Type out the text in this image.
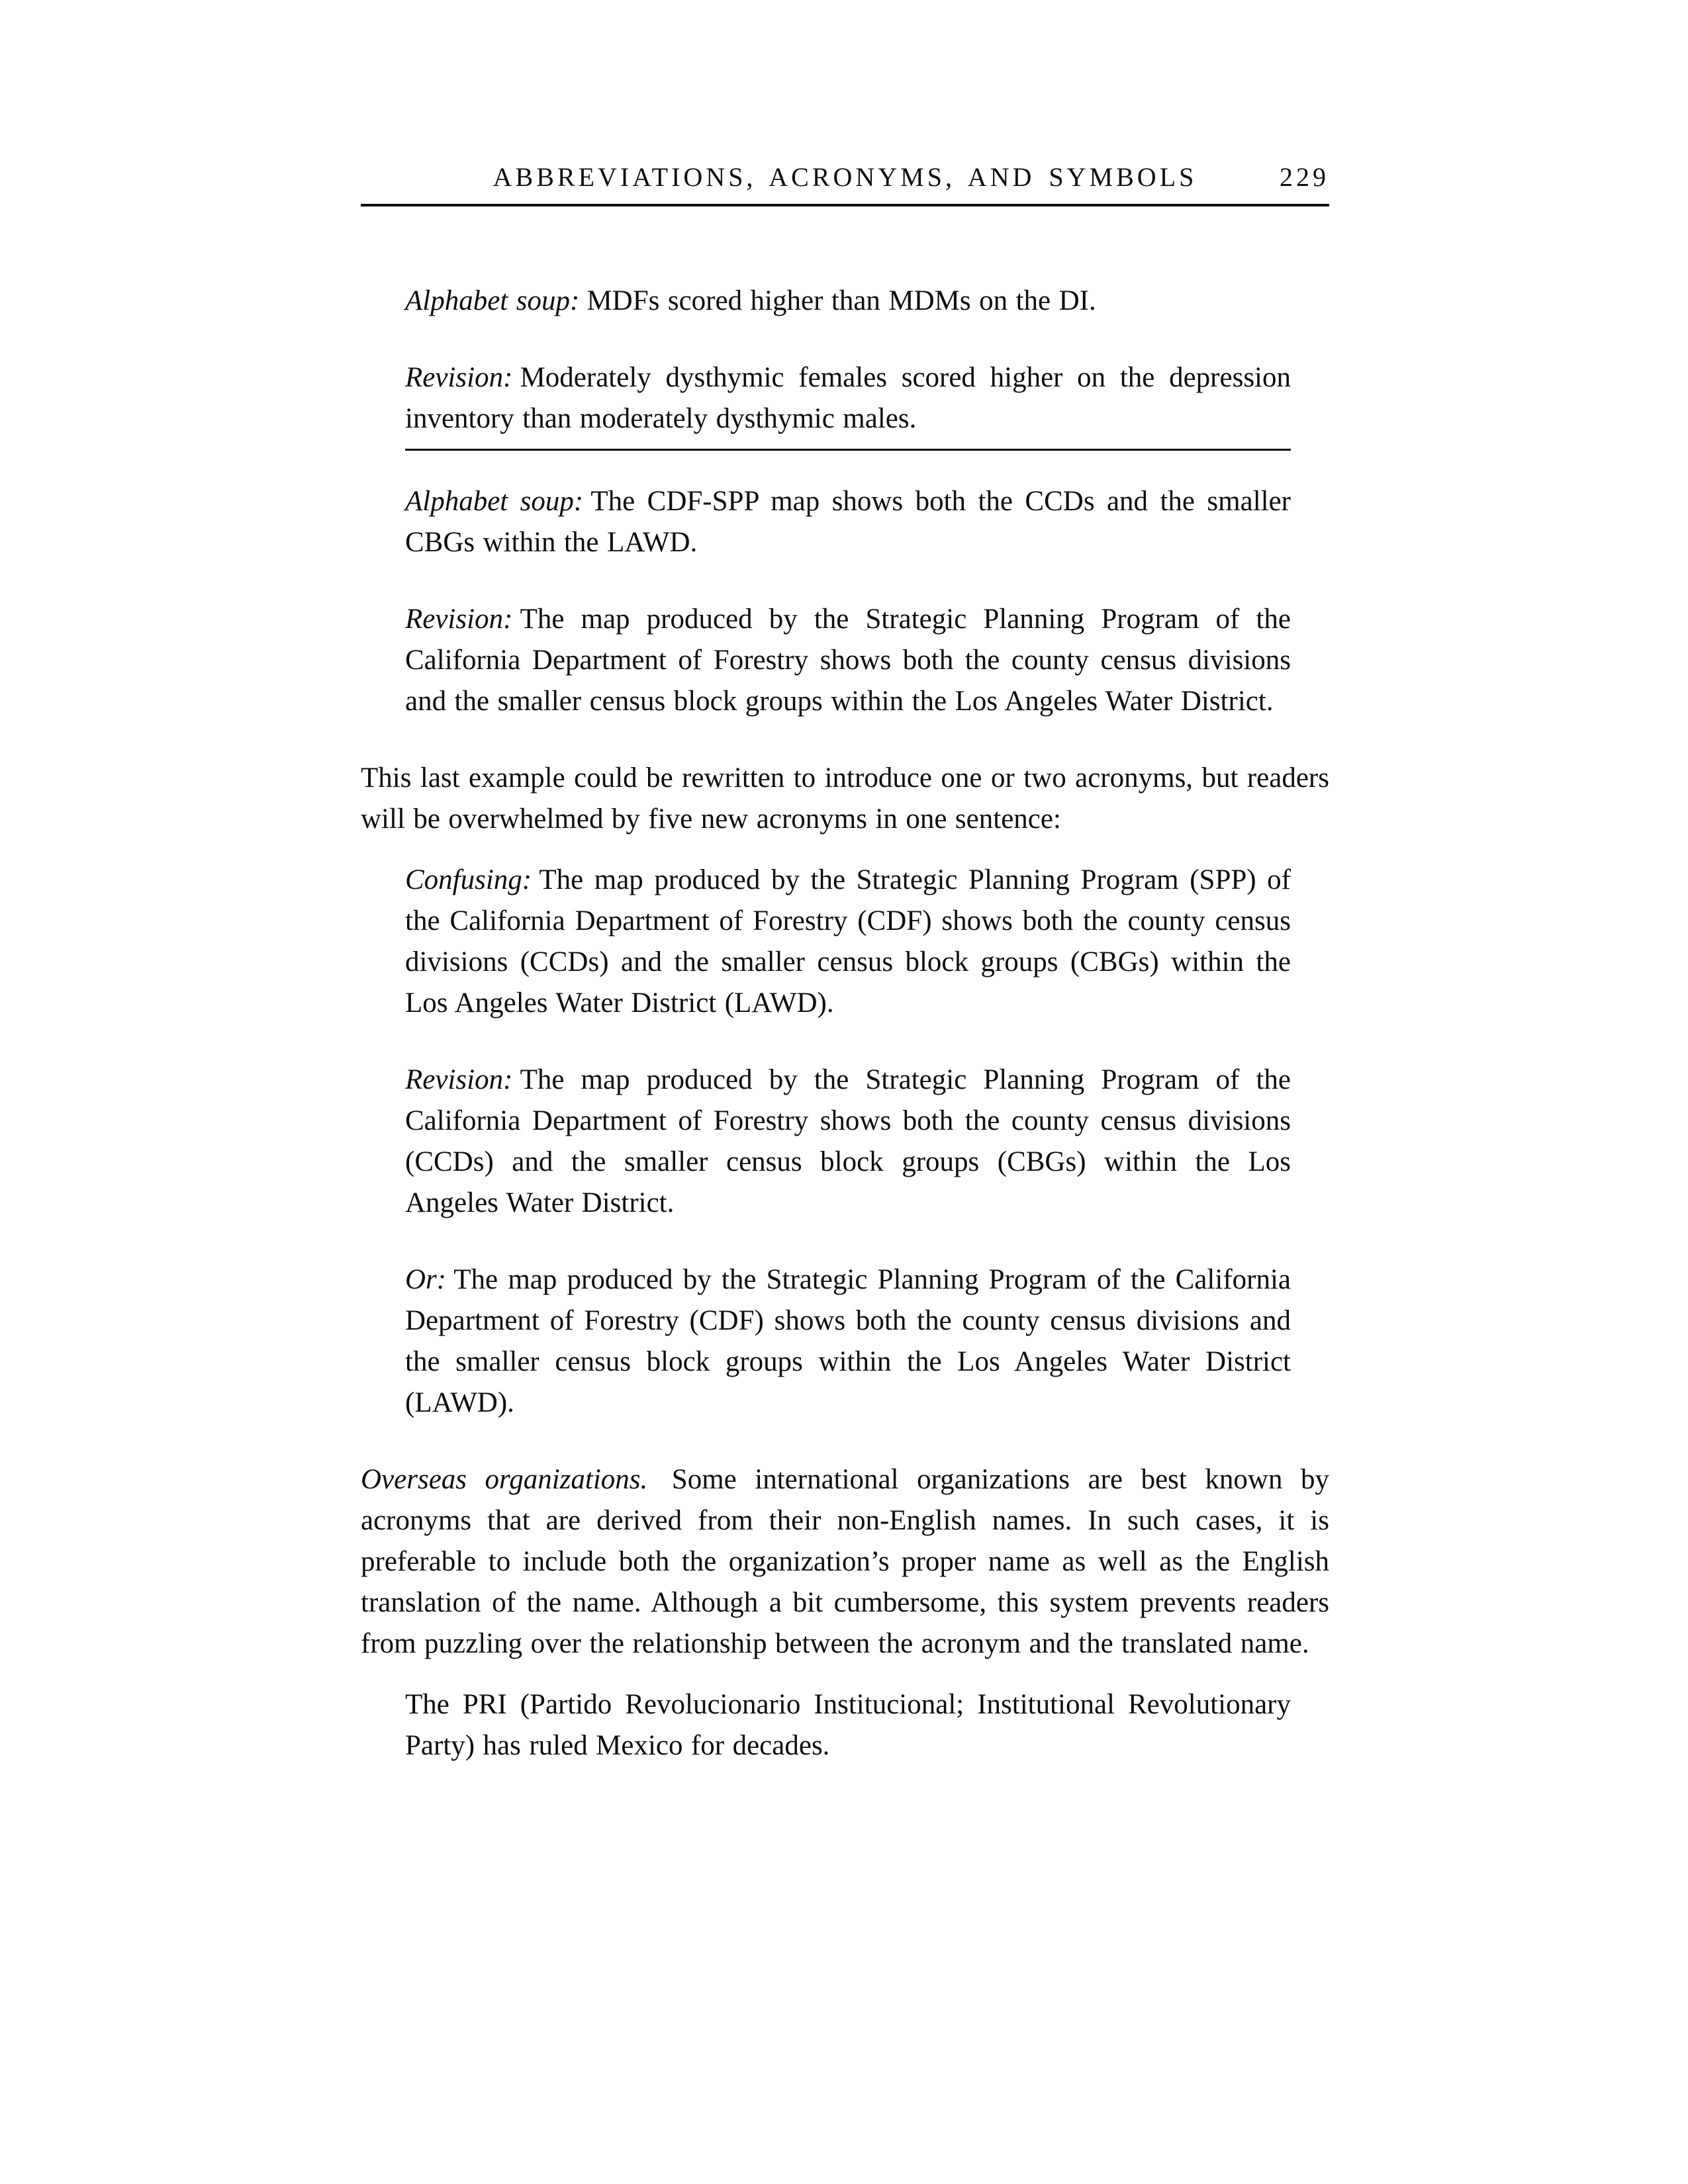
ABBREVIATIONS, ACRONYMS, AND SYMBOLS	229

Alphabet soup: MDFs scored higher than MDMs on the DI.

Revision: Moderately dysthymic females scored higher on the depression inventory than moderately dysthymic males.

Alphabet soup: The CDF-SPP map shows both the CCDs and the smaller CBGs within the LAWD.

Revision: The map produced by the Strategic Planning Program of the California Department of Forestry shows both the county census divisions and the smaller census block groups within the Los Angeles Water District.

This last example could be rewritten to introduce one or two acronyms, but readers will be overwhelmed by five new acronyms in one sentence:

Confusing: The map produced by the Strategic Planning Program (SPP) of the California Department of Forestry (CDF) shows both the county census divisions (CCDs) and the smaller census block groups (CBGs) within the Los Angeles Water District (LAWD).

Revision: The map produced by the Strategic Planning Program of the California Department of Forestry shows both the county census divisions (CCDs) and the smaller census block groups (CBGs) within the Los Angeles Water District.

Or: The map produced by the Strategic Planning Program of the California Department of Forestry (CDF) shows both the county census divisions and the smaller census block groups within the Los Angeles Water District (LAWD).

Overseas organizations. Some international organizations are best known by acronyms that are derived from their non-English names. In such cases, it is preferable to include both the organization’s proper name as well as the English translation of the name. Although a bit cumbersome, this system prevents readers from puzzling over the relationship between the acronym and the translated name.

The PRI (Partido Revolucionario Institucional; Institutional Revolutionary Party) has ruled Mexico for decades.
